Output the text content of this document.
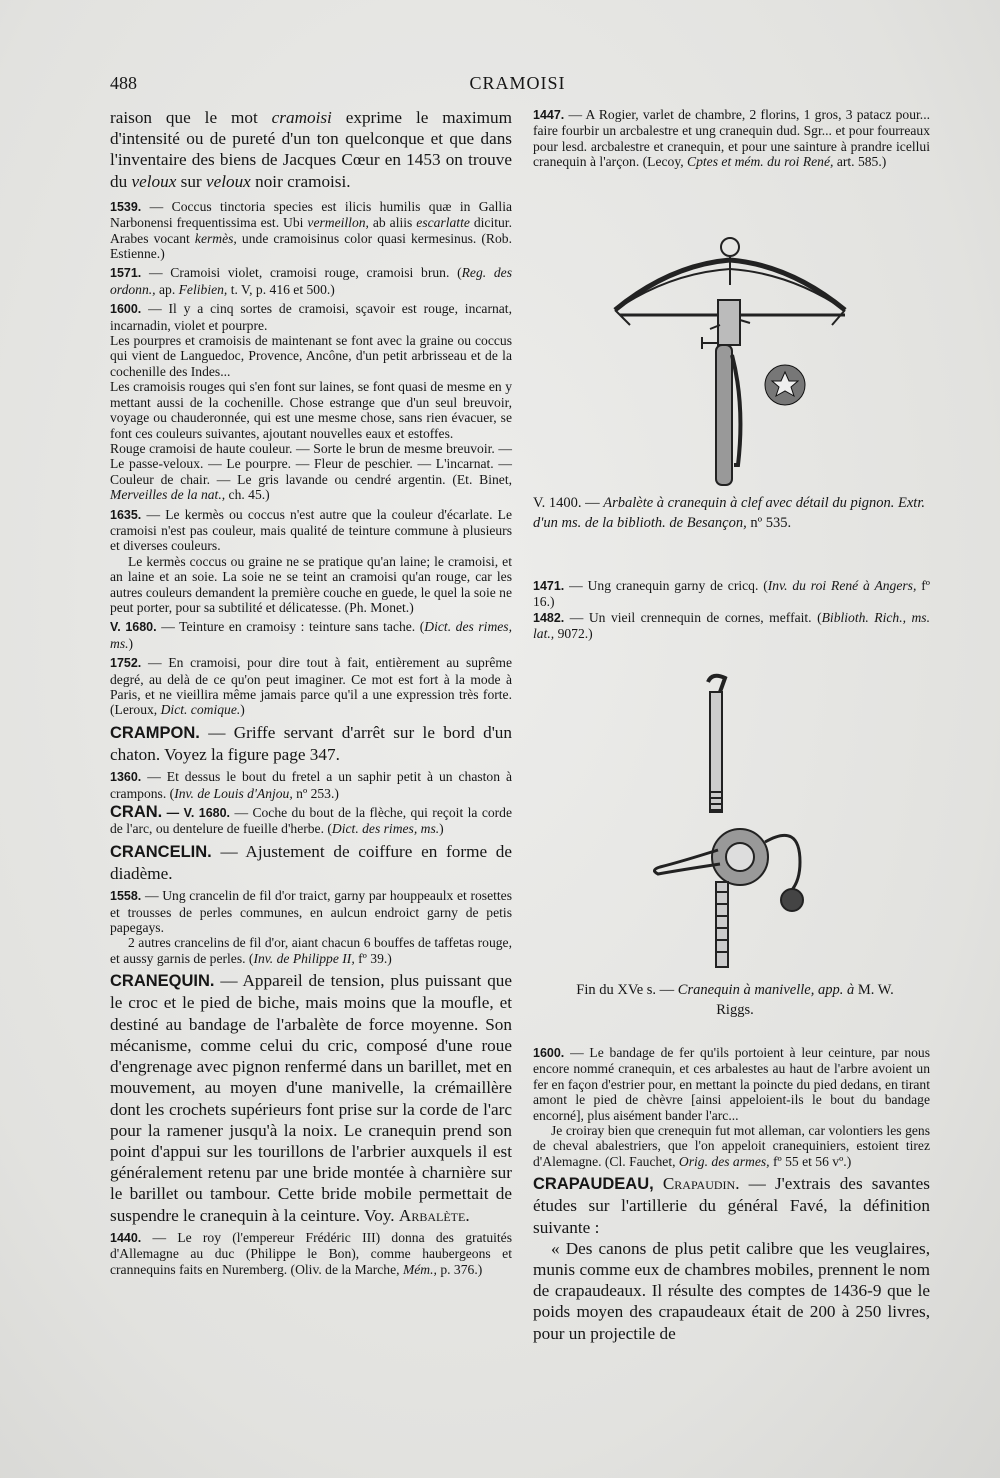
488	CRAMOISI

raison que le mot cramoisi exprime le maximum d'intensité ou de pureté d'un ton quelconque et que dans l'inventaire des biens de Jacques Cœur en 1453 on trouve du veloux sur veloux noir cramoisi.

1539. — Coccus tinctoria species est ilicis humilis quæ in Gallia Narbonensi frequentissima est. Ubi vermeillon, ab aliis escarlatte dicitur. Arabes vocant kermès, unde cramoisinus color quasi kermesinus. (Rob. Estienne.)

1571. — Cramoisi violet, cramoisi rouge, cramoisi brun. (Reg. des ordonn., ap. Felibien, t. V, p. 416 et 500.)

1600. — Il y a cinq sortes de cramoisi, sçavoir est rouge, incarnat, incarnadin, violet et pourpre.

Les pourpres et cramoisis de maintenant se font avec la graine ou coccus qui vient de Languedoc, Provence, Ancône, d'un petit arbrisseau et de la cochenille des Indes...

Les cramoisis rouges qui s'en font sur laines, se font quasi de mesme en y mettant aussi de la cochenille. Chose estrange que d'un seul breuvoir, voyage ou chauderonnée, qui est une mesme chose, sans rien évacuer, se font ces couleurs suivantes, ajoutant nouvelles eaux et estoffes.

Rouge cramoisi de haute couleur. — Sorte le brun de mesme breuvoir. — Le passe-veloux. — Le pourpre. — Fleur de peschier. — L'incarnat. — Couleur de chair. — Le gris lavande ou cendré argentin. (Et. Binet, Merveilles de la nat., ch. 45.)

1635. — Le kermès ou coccus n'est autre que la couleur d'écarlate. Le cramoisi n'est pas couleur, mais qualité de teinture commune à plusieurs et diverses couleurs.

Le kermès coccus ou graine ne se pratique qu'an laine; le cramoisi, et an laine et an soie. La soie ne se teint an cramoisi qu'an rouge, car les autres couleurs demandent la première couche en guede, le quel la soie ne peut porter, pour sa subtilité et délicatesse. (Ph. Monet.)

V. 1680. — Teinture en cramoisy : teinture sans tache. (Dict. des rimes, ms.)

1752. — En cramoisi, pour dire tout à fait, entièrement au suprême degré, au delà de ce qu'on peut imaginer. Ce mot est fort à la mode à Paris, et ne vieillira même jamais parce qu'il a une expression très forte. (Leroux, Dict. comique.)

CRAMPON. — Griffe servant d'arrêt sur le bord d'un chaton. Voyez la figure page 347.

1360. — Et dessus le bout du fretel a un saphir petit à un chaston à crampons. (Inv. de Louis d'Anjou, nº 253.)

CRAN. — V. 1680. — Coche du bout de la flèche, qui reçoit la corde de l'arc, ou dentelure de fueille d'herbe. (Dict. des rimes, ms.)

CRANCELIN. — Ajustement de coiffure en forme de diadème.

1558. — Ung crancelin de fil d'or traict, garny par houppeaulx et rosettes et trousses de perles communes, en aulcun endroict garny de petis papegays.

2 autres crancelins de fil d'or, aiant chacun 6 bouffes de taffetas rouge, et aussy garnis de perles. (Inv. de Philippe II, fº 39.)

CRANEQUIN. — Appareil de tension, plus puissant que le croc et le pied de biche, mais moins que la moufle, et destiné au bandage de l'arbalète de force moyenne. Son mécanisme, comme celui du cric, composé d'une roue d'engrenage avec pignon renfermé dans un barillet, met en mouvement, au moyen d'une manivelle, la crémaillère dont les crochets supérieurs font prise sur la corde de l'arc pour la ramener jusqu'à la noix. Le cranequin prend son point d'appui sur les tourillons de l'arbrier auxquels il est généralement retenu par une bride montée à charnière sur le barillet ou tambour. Cette bride mobile permettait de suspendre le cranequin à la ceinture. Voy. Arbalète.

1440. — Le roy (l'empereur Frédéric III) donna des gratuités d'Allemagne au duc (Philippe le Bon), comme haubergeons et crannequins faits en Nuremberg. (Oliv. de la Marche, Mém., p. 376.)

1447. — A Rogier, varlet de chambre, 2 florins, 1 gros, 3 patacz pour... faire fourbir un arcbalestre et ung cranequin dud. Sgr... et pour fourreaux pour lesd. arcbalestre et cranequin, et pour une sainture à prandre icellui cranequin à l'arçon. (Lecoy, Cptes et mém. du roi René, art. 585.)

V. 1400. — Arbalète à cranequin à clef avec détail du pignon. Extr. d'un ms. de la biblioth. de Besançon, nº 535.

1471. — Ung cranequin garny de cricq. (Inv. du roi René à Angers, fº 16.)

1482. — Un vieil crennequin de cornes, meffait. (Biblioth. Rich., ms. lat., 9072.)

Fin du XVe s. — Cranequin à manivelle, app. à M. W. Riggs.

1600. — Le bandage de fer qu'ils portoient à leur ceinture, par nous encore nommé cranequin, et ces arbalestes au haut de l'arbre avoient un fer en façon d'estrier pour, en mettant la poincte du pied dedans, en tirant amont le pied de chèvre [ainsi appeloient-ils le bout du bandage encorné], plus aisément bander l'arc...

Je croiray bien que crenequin fut mot alleman, car volontiers les gens de cheval abalestriers, que l'on appeloit cranequiniers, estoient tirez d'Alemagne. (Cl. Fauchet, Orig. des armes, fº 55 et 56 vº.)

CRAPAUDEAU, Crapaudin. — J'extrais des savantes études sur l'artillerie du général Favé, la définition suivante :

« Des canons de plus petit calibre que les veuglaires, munis comme eux de chambres mobiles, prennent le nom de crapaudeaux. Il résulte des comptes de 1436-9 que le poids moyen des crapaudeaux était de 200 à 250 livres, pour un projectile de
